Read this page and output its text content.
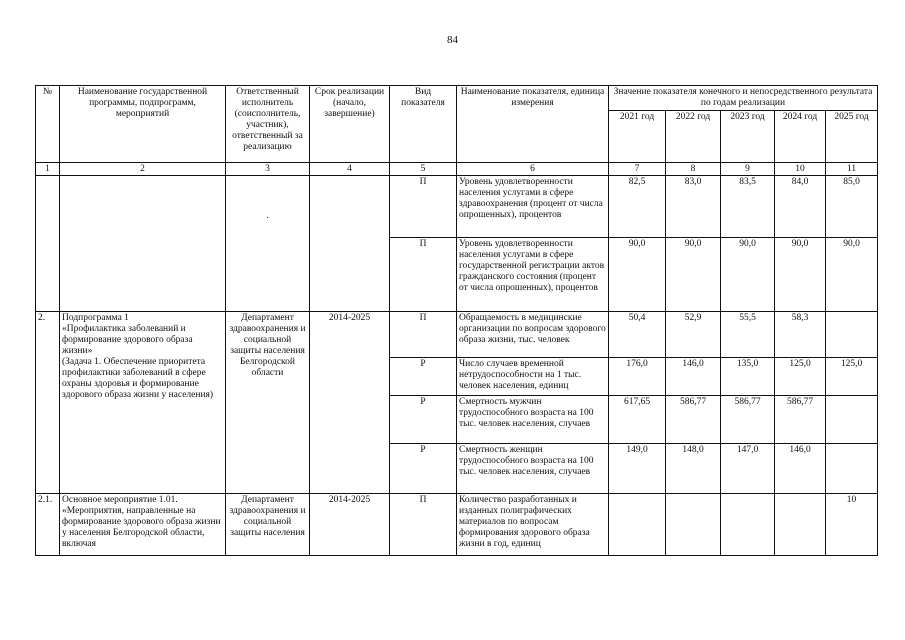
84
№	Наименование государственной программы, подпрограмм, мероприятий	Ответственный исполнитель (соисполнитель, участник), ответственный за реализацию	Срок реализации (начало, завершение)	Вид показателя	Наименование показателя, единица измерения	Значение показателя конечного и непосредственного результата по годам реализации				
						2021 год	2022 год	2023 год	2024 год	2025 год
1	2	3	4	5	6	7	8	9	10	11

		.		П	Уровень удовлетворенности населения услугами в сфере здравоохранения (процент от числа опрошенных), процентов	82,5	83,0	83,5	84,0	85,0
				П	Уровень удовлетворенности населения услугами в сфере государственной регистрации актов гражданского состояния (процент от числа опрошенных), процентов	90,0	90,0	90,0	90,0	90,0
2.	Подпрограмма 1
«Профилактика заболеваний и формирование здорового образа жизни»
(Задача 1. Обеспечение приоритета профилактики заболеваний в сфере охраны здоровья и формирование здорового образа жизни у населения)	Департамент здравоохранения и социальной защиты населения Белгородской области	2014-2025	П	Обращаемость в медицинские организации по вопросам здорового образа жизни, тыс. человек	50,4	52,9	55,5	58,3	
				Р	Число случаев временной нетрудоспособности на 1 тыс. человек населения, единиц	176,0	146,0	135,0	125,0	125,0
				Р	Смертность мужчин трудоспособного возраста на 100 тыс. человек населения, случаев	617,65	586,77	586,77	586,77	
				Р	Смертность женщин трудоспособного возраста на 100 тыс. человек населения, случаев	149,0	148,0	147,0	146,0	
2.1.	Основное мероприятие 1.01. «Мероприятия, направленные на формирование здорового образа жизни у населения Белгородской области, включая	Департамент здравоохранения и социальной защиты населения	2014-2025	П	Количество разработанных и изданных полиграфических материалов по вопросам формирования здорового образа жизни в год, единиц					10
